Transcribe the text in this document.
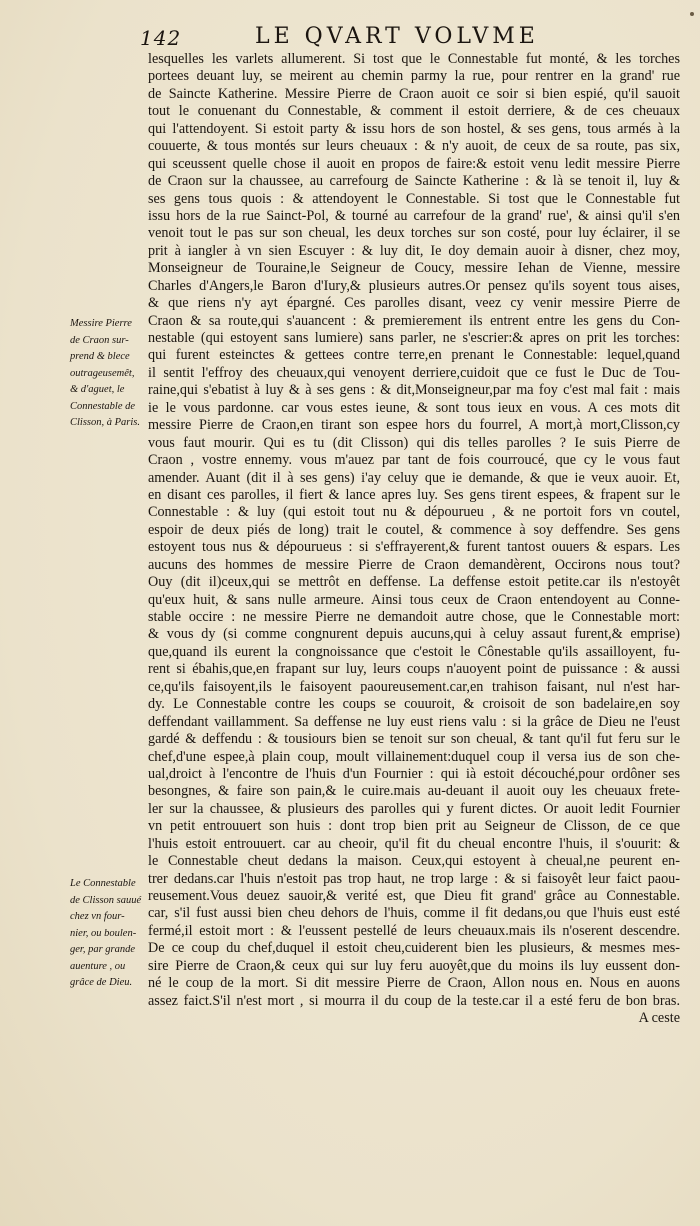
142	LE QVART VOLVME
Messire Pierre
de Craon sur-
prend & blece
outrageusemêt,
& d'aguet, le
Connestable de
Clisson, à Paris.
Le Connestable
de Clisson sauué
chez vn four-
nier, ou boulen-
ger, par grande
auenture , ou
grâce de Dieu.
lesquelles les varlets allumerent. Si tost que le Connestable fut monté, & les torches
portees deuant luy, se meirent au chemin parmy la rue, pour rentrer en la grand' rue
de Saincte Katherine. Messire Pierre de Craon auoit ce soir si bien espié, qu'il sauoit
tout le conuenant du Connestable, & comment il estoit derriere, & de ces cheuaux
qui l'attendoyent. Si estoit party & issu hors de son hostel, & ses gens, tous armés à la
couuerte, & tous montés sur leurs cheuaux : & n'y auoit, de ceux de sa route, pas six,
qui sceussent quelle chose il auoit en propos de faire:& estoit venu ledit messire Pierre
de Craon sur la chaussee, au carrefourg de Saincte Katherine : & là se tenoit il, luy &
ses gens tous quois : & attendoyent le Connestable. Si tost que le Connestable fut
issu hors de la rue Sainct-Pol, & tourné au carrefour de la grand' rue', & ainsi qu'il s'en
venoit tout le pas sur son cheual, les deux torches sur son costé, pour luy éclairer, il se
prit à iangler à vn sien Escuyer : & luy dit, Ie doy demain auoir à disner, chez moy,
Monseigneur de Touraine,le Seigneur de Coucy, messire Iehan de Vienne, messire
Charles d'Angers,le Baron d'Iury,& plusieurs autres.Or pensez qu'ils soyent tous aises,
& que riens n'y ayt épargné. Ces parolles disant, veez cy venir messire Pierre de
Craon & sa route,qui s'auancent : & premierement ils entrent entre les gens du Con-
nestable (qui estoyent sans lumiere) sans parler, ne s'escrier:& apres on prit les torches:
qui furent esteinctes & gettees contre terre,en prenant le Connestable: lequel,quand
il sentit l'effroy des cheuaux,qui venoyent derriere,cuidoit que ce fust le Duc de Tou-
raine,qui s'ebatist à luy & à ses gens : & dit,Monseigneur,par ma foy c'est mal fait : mais
ie le vous pardonne. car vous estes ieune, & sont tous ieux en vous. A ces mots dit
messire Pierre de Craon,en tirant son espee hors du fourrel, A mort,à mort,Clisson,cy
vous faut mourir. Qui es tu (dit Clisson) qui dis telles parolles ? Ie suis Pierre de
Craon , vostre ennemy. vous m'auez par tant de fois courroucé, que cy le vous faut
amender. Auant (dit il à ses gens) i'ay celuy que ie demande, & que ie veux auoir. Et,
en disant ces parolles, il fiert & lance apres luy. Ses gens tirent espees, & frapent sur le
Connestable : & luy (qui estoit tout nu & dépourueu , & ne portoit fors vn coutel,
espoir de deux piés de long) trait le coutel, & commence à soy deffendre. Ses gens
estoyent tous nus & dépourueus : si s'effrayerent,& furent tantost ouuers & espars. Les
aucuns des hommes de messire Pierre de Craon demandèrent, Occirons nous tout?
Ouy (dit il)ceux,qui se mettrôt en deffense. La deffense estoit petite.car ils n'estoyêt
qu'eux huit, & sans nulle armeure. Ainsi tous ceux de Craon entendoyent au Conne-
stable occire : ne messire Pierre ne demandoit autre chose, que le Connestable mort:
& vous dy (si comme congnurent depuis aucuns,qui à celuy assaut furent,& emprise)
que,quand ils eurent la congnoissance que c'estoit le Cônestable qu'ils assailloyent, fu-
rent si ébahis,que,en frapant sur luy, leurs coups n'auoyent point de puissance : & aussi
ce,qu'ils faisoyent,ils le faisoyent paoureusement.car,en trahison faisant, nul n'est har-
dy. Le Connestable contre les coups se couuroit, & croisoit de son badelaire,en soy
deffendant vaillamment. Sa deffense ne luy eust riens valu : si la grâce de Dieu ne l'eust
gardé & deffendu : & tousiours bien se tenoit sur son cheual, & tant qu'il fut feru sur le
chef,d'une espee,à plain coup, moult villainement:duquel coup il versa ius de son che-
ual,droict à l'encontre de l'huis d'un Fournier : qui ià estoit découché,pour ordôner ses
besongnes, & faire son pain,& le cuire.mais au-deuant il auoit ouy les cheuaux frete-
ler sur la chaussee, & plusieurs des parolles qui y furent dictes. Or auoit ledit Fournier
vn petit entrouuert son huis : dont trop bien prit au Seigneur de Clisson, de ce que
l'huis estoit entrouuert. car au cheoir, qu'il fit du cheual encontre l'huis, il s'ouurit: &
le Connestable cheut dedans la maison. Ceux,qui estoyent à cheual,ne peurent en-
trer dedans.car l'huis n'estoit pas trop haut, ne trop large : & si faisoyêt leur faict paou-
reusement.Vous deuez sauoir,& verité est, que Dieu fit grand' grâce au Connestable.
car, s'il fust aussi bien cheu dehors de l'huis, comme il fit dedans,ou que l'huis eust esté
fermé,il estoit mort : & l'eussent pestellé de leurs cheuaux.mais ils n'oserent descendre.
De ce coup du chef,duquel il estoit cheu,cuiderent bien les plusieurs, & mesmes mes-
sire Pierre de Craon,& ceux qui sur luy feru auoyêt,que du moins ils luy eussent don-
né le coup de la mort. Si dit messire Pierre de Craon, Allon nous en. Nous en auons
assez faict.S'il n'est mort , si mourra il du coup de la teste.car il a esté feru de bon bras.
A ceste
